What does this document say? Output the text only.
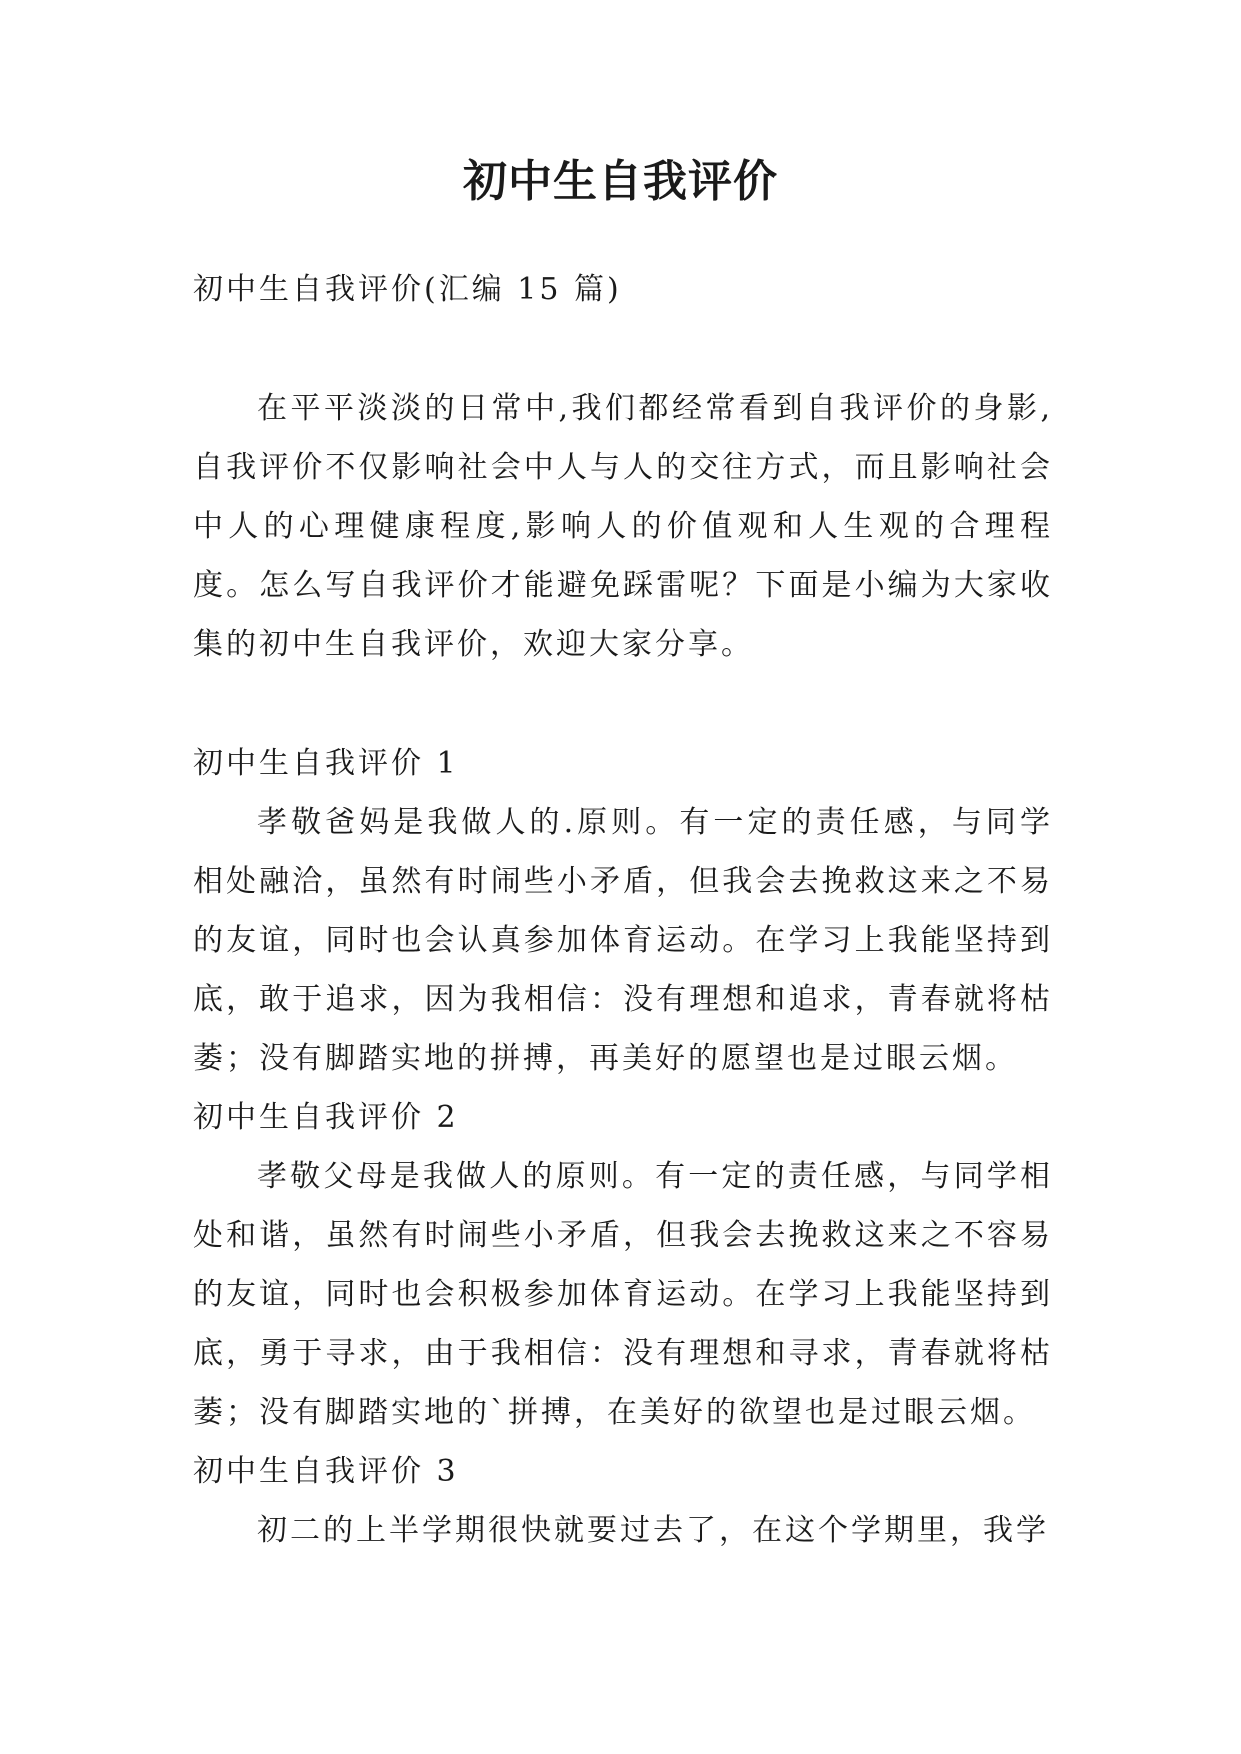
初中生自我评价

初中生自我评价(汇编 15 篇)

在平平淡淡的日常中,我们都经常看到自我评价的身影,自我评价不仅影响社会中人与人的交往方式，而且影响社会中人的心理健康程度,影响人的价值观和人生观的合理程度。怎么写自我评价才能避免踩雷呢？下面是小编为大家收集的初中生自我评价，欢迎大家分享。

初中生自我评价 1

孝敬爸妈是我做人的.原则。有一定的责任感，与同学相处融洽，虽然有时闹些小矛盾，但我会去挽救这来之不易的友谊，同时也会认真参加体育运动。在学习上我能坚持到底，敢于追求，因为我相信：没有理想和追求，青春就将枯萎；没有脚踏实地的拼搏，再美好的愿望也是过眼云烟。

初中生自我评价 2

孝敬父母是我做人的原则。有一定的责任感，与同学相处和谐，虽然有时闹些小矛盾，但我会去挽救这来之不容易的友谊，同时也会积极参加体育运动。在学习上我能坚持到底，勇于寻求，由于我相信：没有理想和寻求，青春就将枯萎；没有脚踏实地的`拼搏，在美好的欲望也是过眼云烟。

初中生自我评价 3

初二的上半学期很快就要过去了，在这个学期里，我学
